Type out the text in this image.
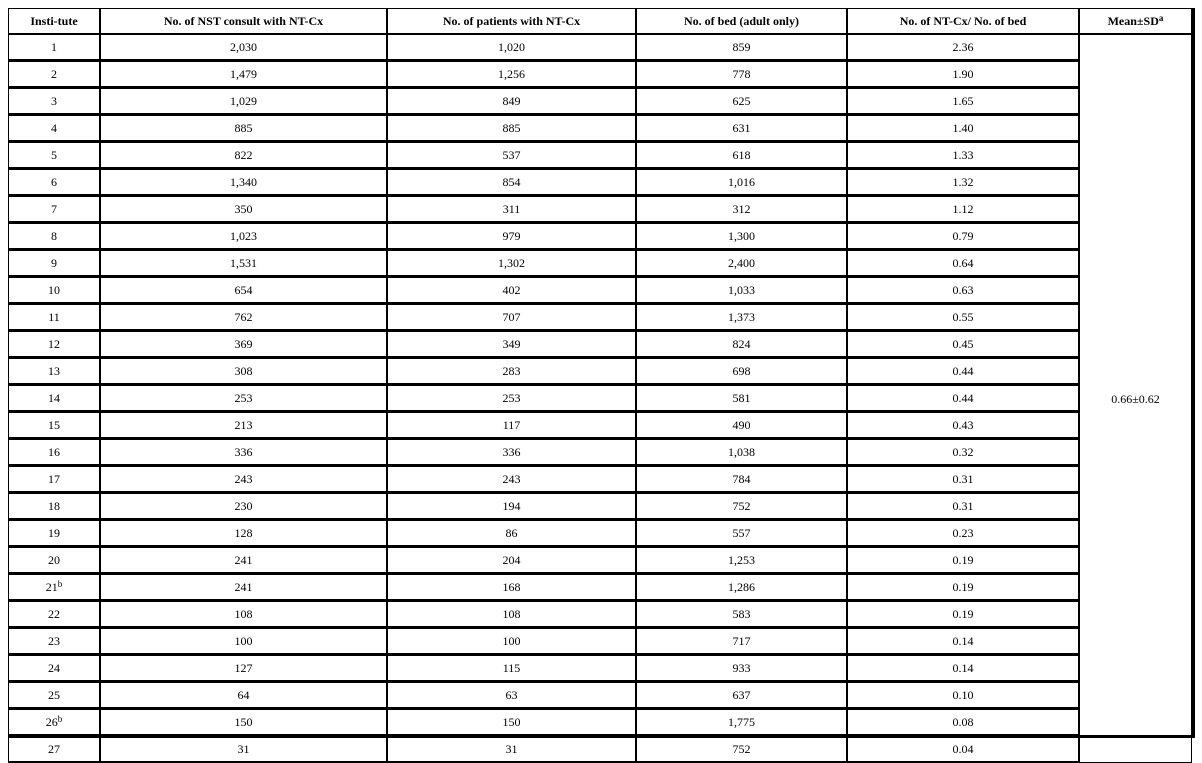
Insti-tute	No. of NST consult with NT-Cx	No. of patients with NT-Cx	No. of bed (adult only)	No. of NT-Cx/ No. of bed	$Mean\pm SD^a$
1	2,030	1,020	859	2.36	0.66±0.62
2	1,479	1,256	778	1.90	
3	1,029	849	625	1.65	
4	885	885	631	1.40	
5	822	537	618	1.33	
6	1,340	854	1,016	1.32	
7	350	311	312	1.12	
8	1,023	979	1,300	0.79	
9	1,531	1,302	2,400	0.64	
10	654	402	1,033	0.63	
11	762	707	1,373	0.55	
12	369	349	824	0.45	
13	308	283	698	0.44	
14	253	253	581	0.44	
15	213	117	490	0.43	
16	336	336	1,038	0.32	
17	243	243	784	0.31	
18	230	194	752	0.31	
19	128	86	557	0.23	
20	241	204	1,253	0.19	
21$^b$	241	168	1,286	0.19	
22	108	108	583	0.19	
23	100	100	717	0.14	
24	127	115	933	0.14	
25	64	63	637	0.10	
26$^b$	150	150	1,775	0.08	
27	31	31	752	0.04	
